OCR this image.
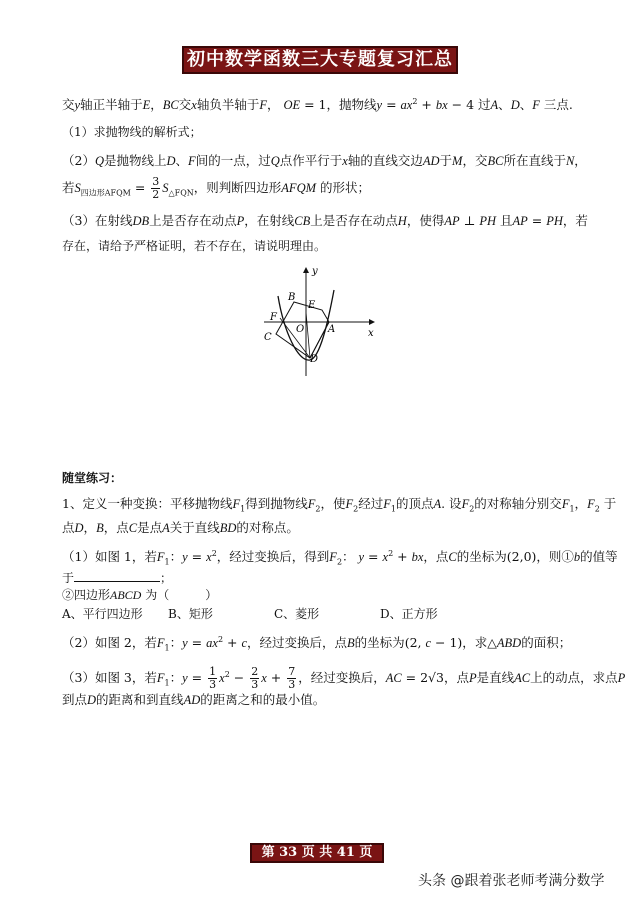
初中数学函数三大专题复习汇总
交y轴正半轴于E，BC交x轴负半轴于F， OE = 1，抛物线$y = ax^2$ + bx − 4 过A、D、F 三点.
（1）求抛物线的解析式；
（2）Q是抛物线上D、F间的一点，过Q点作平行于x轴的直线交边AD于M，交BC所在直线于N，
若$S_{四边形AFQM} = \frac{3}{2} S_{\triangle FQN}$，则判断四边形AFQM 的形状；
（3）在射线DB上是否存在动点P，在射线CB上是否存在动点H，使得AP ⊥ PH 且AP = PH，若
存在，请给予严格证明，若不存在，请说明理由。
y
x
B
E
F
O A
C
D
随堂练习：
1、定义一种变换：平移抛物线$F_1$得到抛物线$F_2$，使$F_2$经过$F_1$的顶点A. 设$F_2$的对称轴分别交$F_1$，$F_2$ 于
点D，B，点C是点A关于直线BD的对称点。
（1）如图 1，若$F_1$：$y = x^2$，经过变换后，得到$F_2$： $y = x^2$ + bx，点C的坐标为(2,0)，则①b的值等
于	；
②四边形ABCD 为（　　　）
A、平行四边形 B、矩形	C、菱形	D、正方形
（2）如图 2，若$F_1$：$y = ax^2 + c$，经过变换后，点B的坐标为(2, c − 1)，求△ABD的面积；
（3）如图 3，若$F_1$：$y = \frac{1}{3} x^2 - \frac{2}{3}$ $x + \frac{7}{3}$ ，经过变换后，AC = 2√3，点P是直线AC上的动点，求点P
到点D的距离和到直线AD的距离之和的最小值。
第 33 页 共 41 页
头条 @跟着张老师考满分数学
